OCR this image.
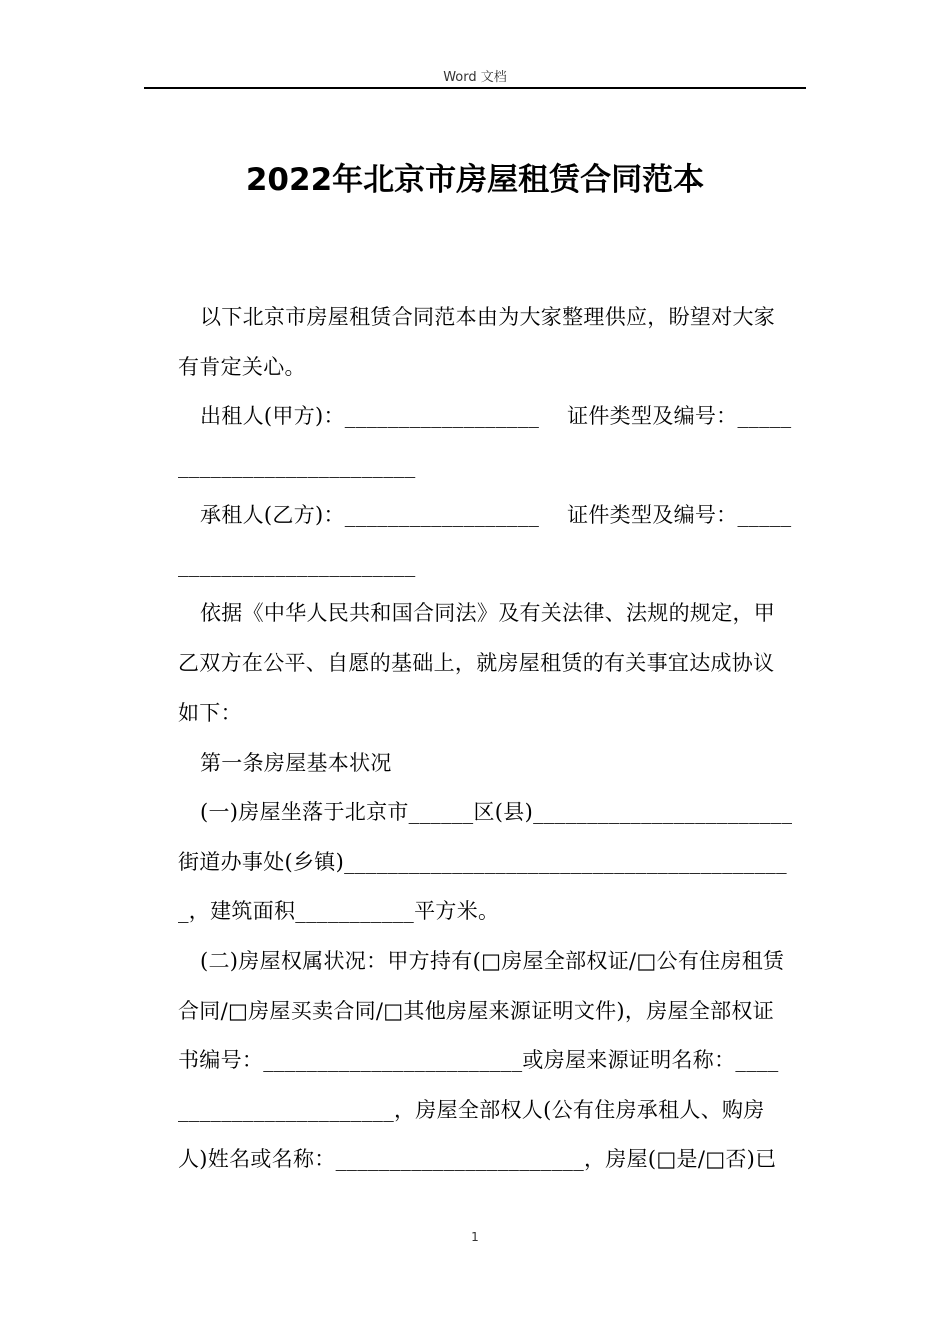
Word 文档
2022年北京市房屋租赁合同范本
以下北京市房屋租赁合同范本由为大家整理供应，盼望对大家
有肯定关心。
出租人(甲方)：__________________    证件类型及编号：_____
______________________
承租人(乙方)：__________________    证件类型及编号：_____
______________________
依据《中华人民共和国合同法》及有关法律、法规的规定，甲
乙双方在公平、自愿的基础上，就房屋租赁的有关事宜达成协议
如下：
第一条房屋基本状况
(一)房屋坐落于北京市______区(县)________________________
街道办事处(乡镇)_________________________________________
_，建筑面积___________平方米。
(二)房屋权属状况：甲方持有(□房屋全部权证/□公有住房租赁
合同/□房屋买卖合同/□其他房屋来源证明文件)，房屋全部权证
书编号：________________________或房屋来源证明名称：____
____________________，房屋全部权人(公有住房承租人、购房
人)姓名或名称：_______________________，房屋(□是/□否)已
1
